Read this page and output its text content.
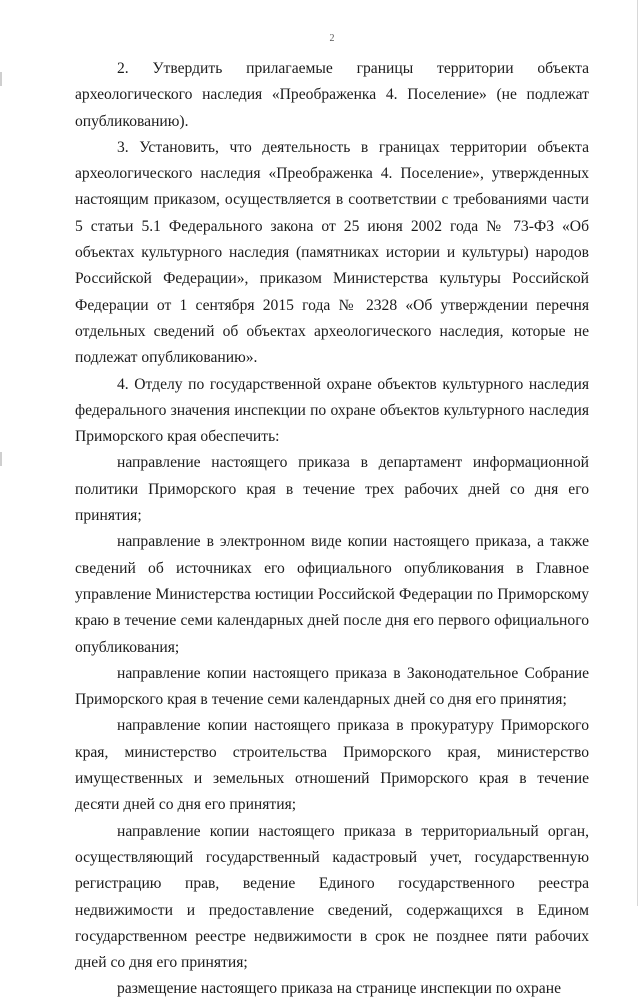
2

2. Утвердить прилагаемые границы территории объекта археологического наследия «Преображенка 4. Поселение» (не подлежат опубликованию).

3. Установить, что деятельность в границах территории объекта археологического наследия «Преображенка 4. Поселение», утвержденных настоящим приказом, осуществляется в соответствии с требованиями части 5 статьи 5.1 Федерального закона от 25 июня 2002 года № 73-ФЗ «Об объектах культурного наследия (памятниках истории и культуры) народов Российской Федерации», приказом Министерства культуры Российской Федерации от 1 сентября 2015 года № 2328 «Об утверждении перечня отдельных сведений об объектах археологического наследия, которые не подлежат опубликованию».

4. Отделу по государственной охране объектов культурного наследия федерального значения инспекции по охране объектов культурного наследия Приморского края обеспечить:

направление настоящего приказа в департамент информационной политики Приморского края в течение трех рабочих дней со дня его принятия;

направление в электронном виде копии настоящего приказа, а также сведений об источниках его официального опубликования в Главное управление Министерства юстиции Российской Федерации по Приморскому краю в течение семи календарных дней после дня его первого официального опубликования;

направление копии настоящего приказа в Законодательное Собрание Приморского края в течение семи календарных дней со дня его принятия;

направление копии настоящего приказа в прокуратуру Приморского края, министерство строительства Приморского края, министерство имущественных и земельных отношений Приморского края в течение десяти дней со дня его принятия;

направление копии настоящего приказа в территориальный орган, осуществляющий государственный кадастровый учет, государственную регистрацию прав, ведение Единого государственного реестра недвижимости и предоставление сведений, содержащихся в Едином государственном реестре недвижимости в срок не позднее пяти рабочих дней со дня его принятия;

размещение настоящего приказа на странице инспекции по охране
